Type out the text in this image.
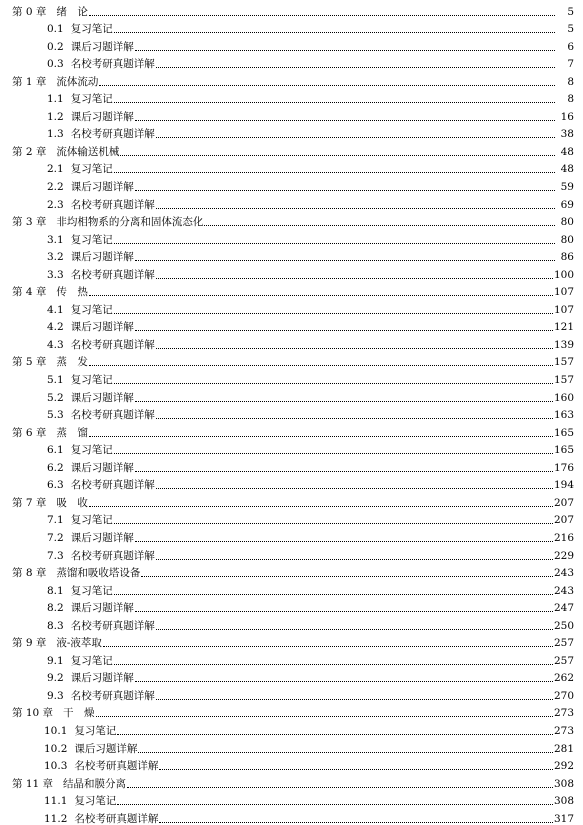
第 0 章 绪　论	5
0.1 复习笔记	5
0.2 课后习题详解	6
0.3 名校考研真题详解	7
第 1 章 流体流动	8
1.1 复习笔记	8
1.2 课后习题详解	16
1.3 名校考研真题详解	38
第 2 章 流体输送机械	48
2.1 复习笔记	48
2.2 课后习题详解	59
2.3 名校考研真题详解	69
第 3 章 非均相物系的分离和固体流态化	80
3.1 复习笔记	80
3.2 课后习题详解	86
3.3 名校考研真题详解	100
第 4 章 传　热	107
4.1 复习笔记	107
4.2 课后习题详解	121
4.3 名校考研真题详解	139
第 5 章 蒸　发	157
5.1 复习笔记	157
5.2 课后习题详解	160
5.3 名校考研真题详解	163
第 6 章 蒸　馏	165
6.1 复习笔记	165
6.2 课后习题详解	176
6.3 名校考研真题详解	194
第 7 章 吸　收	207
7.1 复习笔记	207
7.2 课后习题详解	216
7.3 名校考研真题详解	229
第 8 章 蒸馏和吸收塔设备	243
8.1 复习笔记	243
8.2 课后习题详解	247
8.3 名校考研真题详解	250
第 9 章 液-液萃取	257
9.1 复习笔记	257
9.2 课后习题详解	262
9.3 名校考研真题详解	270
第 10 章 干　燥	273
10.1 复习笔记	273
10.2 课后习题详解	281
10.3 名校考研真题详解	292
第 11 章 结晶和膜分离	308
11.1 复习笔记	308
11.2 名校考研真题详解	317
